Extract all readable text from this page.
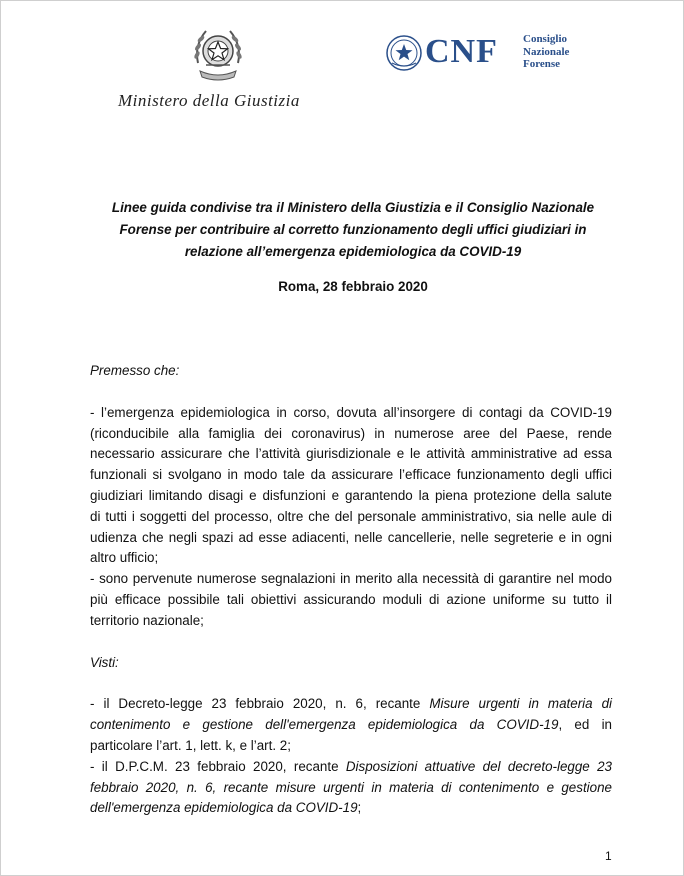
Ministero della Giustizia
CNF Consiglio
Nazionale
Forense
Linee guida condivise tra il Ministero della Giustizia e il Consiglio Nazionale
Forense per contribuire al corretto funzionamento degli uffici giudiziari in
relazione all’emergenza epidemiologica da COVID-19
Roma, 28 febbraio 2020

Premesso che:

- l’emergenza epidemiologica in corso, dovuta all’insorgere di contagi da COVID-19
(riconducibile alla famiglia dei coronavirus) in numerose aree del Paese, rende
necessario assicurare che l’attività giurisdizionale e le attività amministrative ad essa
funzionali si svolgano in modo tale da assicurare l’efficace funzionamento degli uffici
giudiziari limitando disagi e disfunzioni e garantendo la piena protezione della salute
di tutti i soggetti del processo, oltre che del personale amministrativo, sia nelle aule di
udienza che negli spazi ad esse adiacenti, nelle cancellerie, nelle segreterie e in ogni
altro ufficio;
- sono pervenute numerose segnalazioni in merito alla necessità di garantire nel modo
più efficace possibile tali obiettivi assicurando moduli di azione uniforme su tutto il
territorio nazionale;

Visti:

- il Decreto-legge 23 febbraio 2020, n. 6, recante Misure urgenti in materia di
contenimento e gestione dell'emergenza epidemiologica da COVID-19, ed in
particolare l’art. 1, lett. k, e l’art. 2;
- il D.P.C.M. 23 febbraio 2020, recante Disposizioni attuative del decreto-legge 23
febbraio 2020, n. 6, recante misure urgenti in materia di contenimento e gestione
dell'emergenza epidemiologica da COVID-19;
1
